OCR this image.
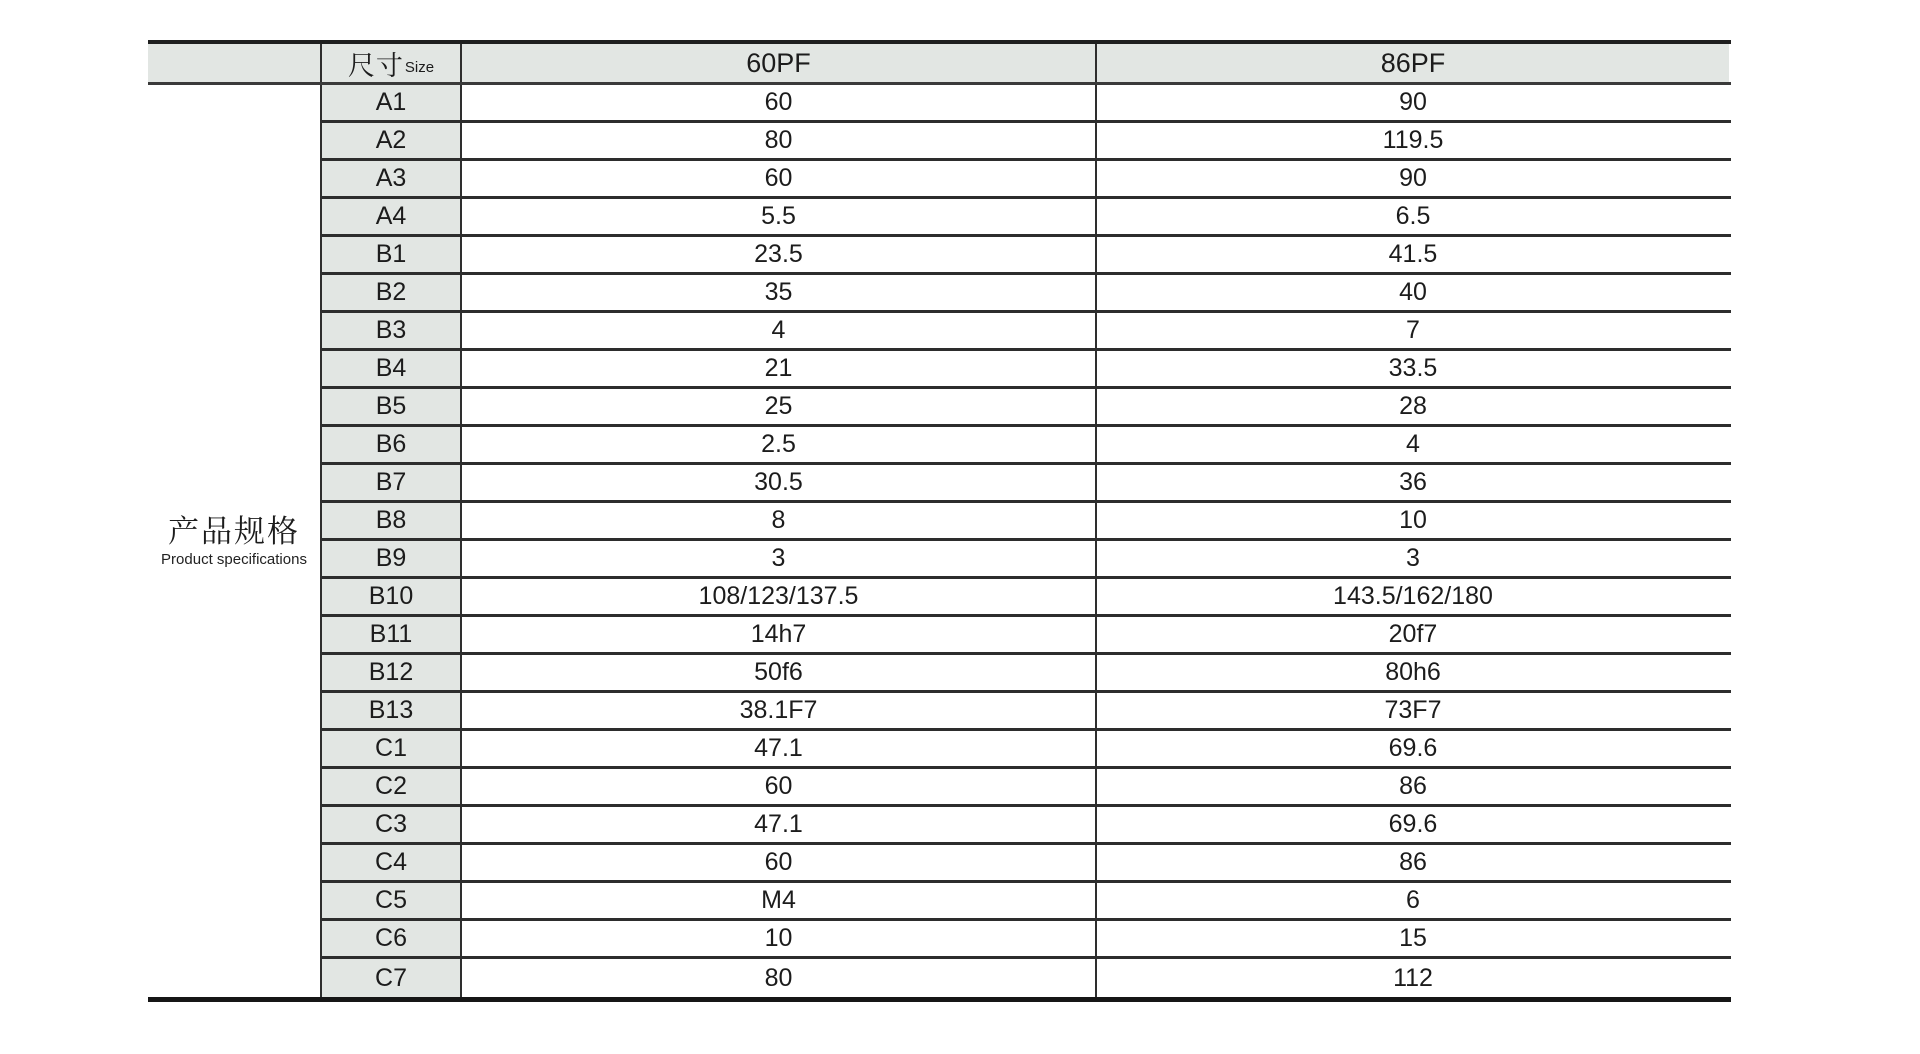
尺寸 Size	60PF	86PF
产品规格
Product specifications
A1	60	90
A2	80	119.5
A3	60	90
A4	5.5	6.5
B1	23.5	41.5
B2	35	40
B3	4	7
B4	21	33.5
B5	25	28
B6	2.5	4
B7	30.5	36
B8	8	10
B9	3	3
B10	108/123/137.5	143.5/162/180
B11	14h7	20f7
B12	50f6	80h6
B13	38.1F7	73F7
C1	47.1	69.6
C2	60	86
C3	47.1	69.6
C4	60	86
C5	M4	6
C6	10	15
C7	80	112
